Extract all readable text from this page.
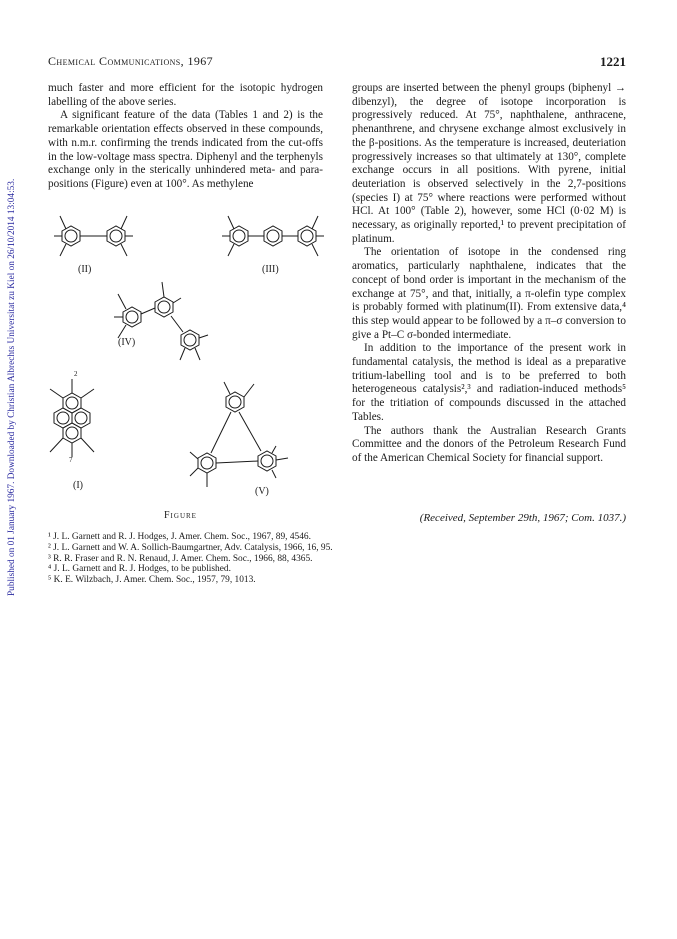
Published on 01 January 1967. Downloaded by Christian Albrechts Universitat zu Kiel on 26/10/2014 13:04:53.
Chemical Communications, 1967	1221

much faster and more efficient for the isotopic hydrogen labelling of the above series.

A significant feature of the data (Tables 1 and 2) is the remarkable orientation effects observed in these compounds, with n.m.r. confirming the trends indicated from the cut-offs in the low-voltage mass spectra. Diphenyl and the terphenyls exchange only in the sterically unhindered meta- and para-positions (Figure) even at 100°. As methylene

(II)	(III)
(IV)
2
7
(I)
(V)
Figure

groups are inserted between the phenyl groups (biphenyl → dibenzyl), the degree of isotope incorporation is progressively reduced. At 75°, naphthalene, anthracene, phenanthrene, and chrysene exchange almost exclusively in the β-positions. As the temperature is increased, deuteriation progressively increases so that ultimately at 130°, complete exchange occurs in all positions. With pyrene, initial deuteriation is observed selectively in the 2,7-positions (species I) at 75° where reactions were performed without HCl. At 100° (Table 2), however, some HCl (0·02 M) is necessary, as originally reported,¹ to prevent precipitation of platinum.

The orientation of isotope in the condensed ring aromatics, particularly naphthalene, indicates that the concept of bond order is important in the mechanism of the exchange at 75°, and that, initially, a π-olefin type complex is probably formed with platinum(II). From extensive data,⁴ this step would appear to be followed by a π–σ conversion to give a Pt–C σ-bonded intermediate.

In addition to the importance of the present work in fundamental catalysis, the method is ideal as a preparative tritium-labelling tool and is to be preferred to both heterogeneous catalysis²,³ and radiation-induced methods⁵ for the tritiation of compounds discussed in the attached Tables.

The authors thank the Australian Research Grants Committee and the donors of the Petroleum Research Fund of the American Chemical Society for financial support.

(Received, September 29th, 1967; Com. 1037.)
¹ J. L. Garnett and R. J. Hodges, J. Amer. Chem. Soc., 1967, 89, 4546.
² J. L. Garnett and W. A. Sollich-Baumgartner, Adv. Catalysis, 1966, 16, 95.
³ R. R. Fraser and R. N. Renaud, J. Amer. Chem. Soc., 1966, 88, 4365.
⁴ J. L. Garnett and R. J. Hodges, to be published.
⁵ K. E. Wilzbach, J. Amer. Chem. Soc., 1957, 79, 1013.
